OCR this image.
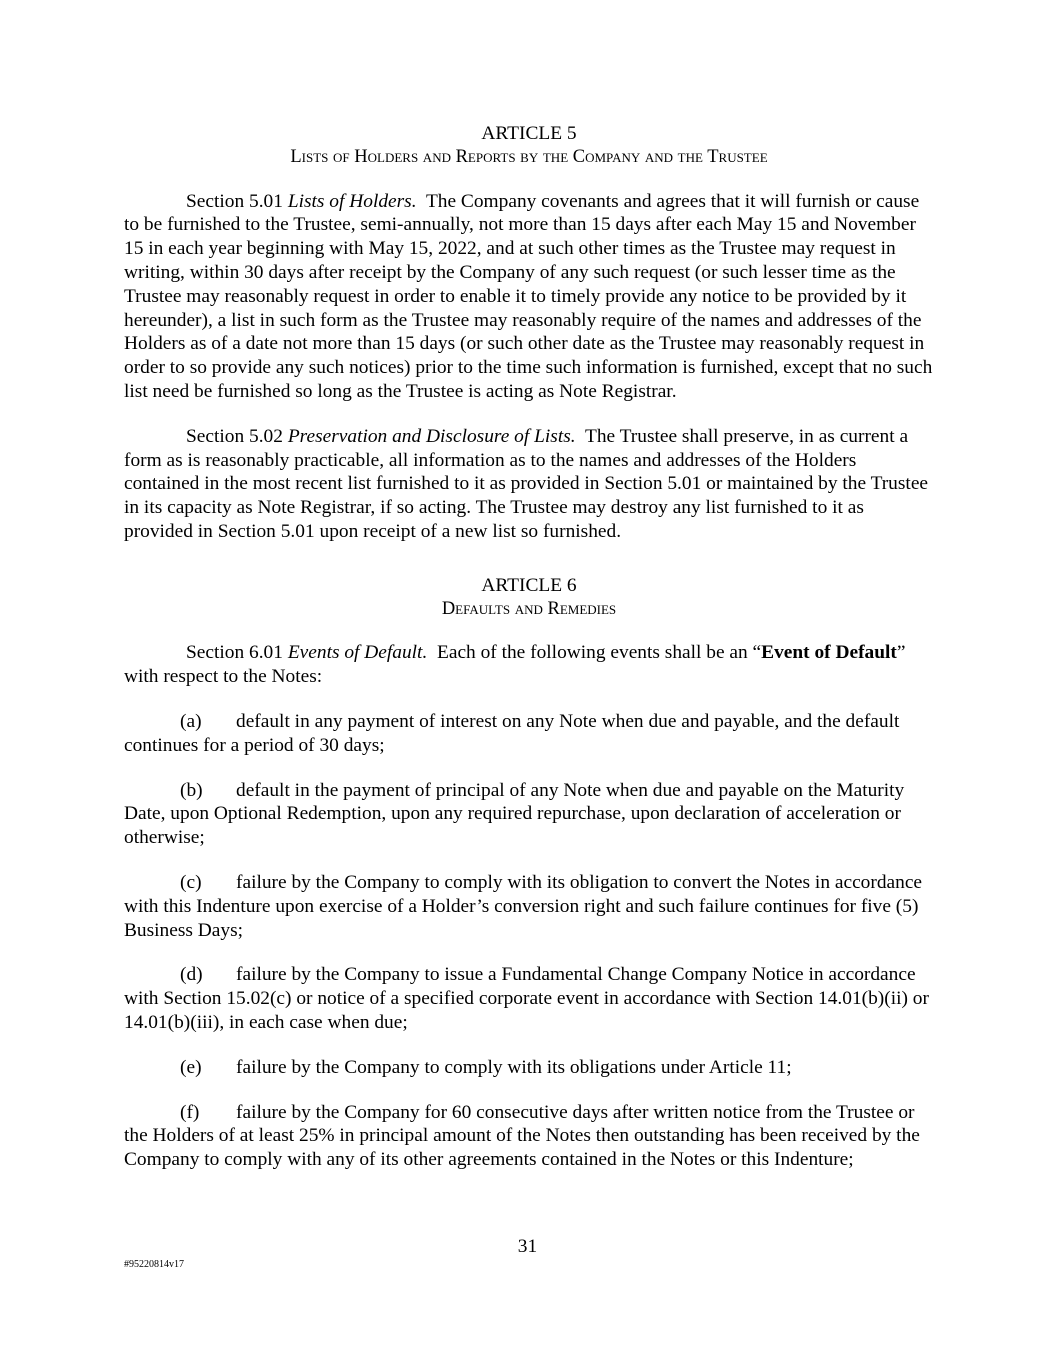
ARTICLE 5
Lists of Holders and Reports by the Company and the Trustee

Section 5.01 Lists of Holders. The Company covenants and agrees that it will furnish or cause to be furnished to the Trustee, semi-annually, not more than 15 days after each May 15 and November 15 in each year beginning with May 15, 2022, and at such other times as the Trustee may request in writing, within 30 days after receipt by the Company of any such request (or such lesser time as the Trustee may reasonably request in order to enable it to timely provide any notice to be provided by it hereunder), a list in such form as the Trustee may reasonably require of the names and addresses of the Holders as of a date not more than 15 days (or such other date as the Trustee may reasonably request in order to so provide any such notices) prior to the time such information is furnished, except that no such list need be furnished so long as the Trustee is acting as Note Registrar.

Section 5.02 Preservation and Disclosure of Lists. The Trustee shall preserve, in as current a form as is reasonably practicable, all information as to the names and addresses of the Holders contained in the most recent list furnished to it as provided in Section 5.01 or maintained by the Trustee in its capacity as Note Registrar, if so acting. The Trustee may destroy any list furnished to it as provided in Section 5.01 upon receipt of a new list so furnished.

ARTICLE 6
Defaults and Remedies

Section 6.01 Events of Default. Each of the following events shall be an “Event of Default” with respect to the Notes:

(a) default in any payment of interest on any Note when due and payable, and the default continues for a period of 30 days;

(b) default in the payment of principal of any Note when due and payable on the Maturity Date, upon Optional Redemption, upon any required repurchase, upon declaration of acceleration or otherwise;

(c) failure by the Company to comply with its obligation to convert the Notes in accordance with this Indenture upon exercise of a Holder’s conversion right and such failure continues for five (5) Business Days;

(d) failure by the Company to issue a Fundamental Change Company Notice in accordance with Section 15.02(c) or notice of a specified corporate event in accordance with Section 14.01(b)(ii) or 14.01(b)(iii), in each case when due;

(e) failure by the Company to comply with its obligations under Article 11;

(f) failure by the Company for 60 consecutive days after written notice from the Trustee or the Holders of at least 25% in principal amount of the Notes then outstanding has been received by the Company to comply with any of its other agreements contained in the Notes or this Indenture;

31
#95220814v17
